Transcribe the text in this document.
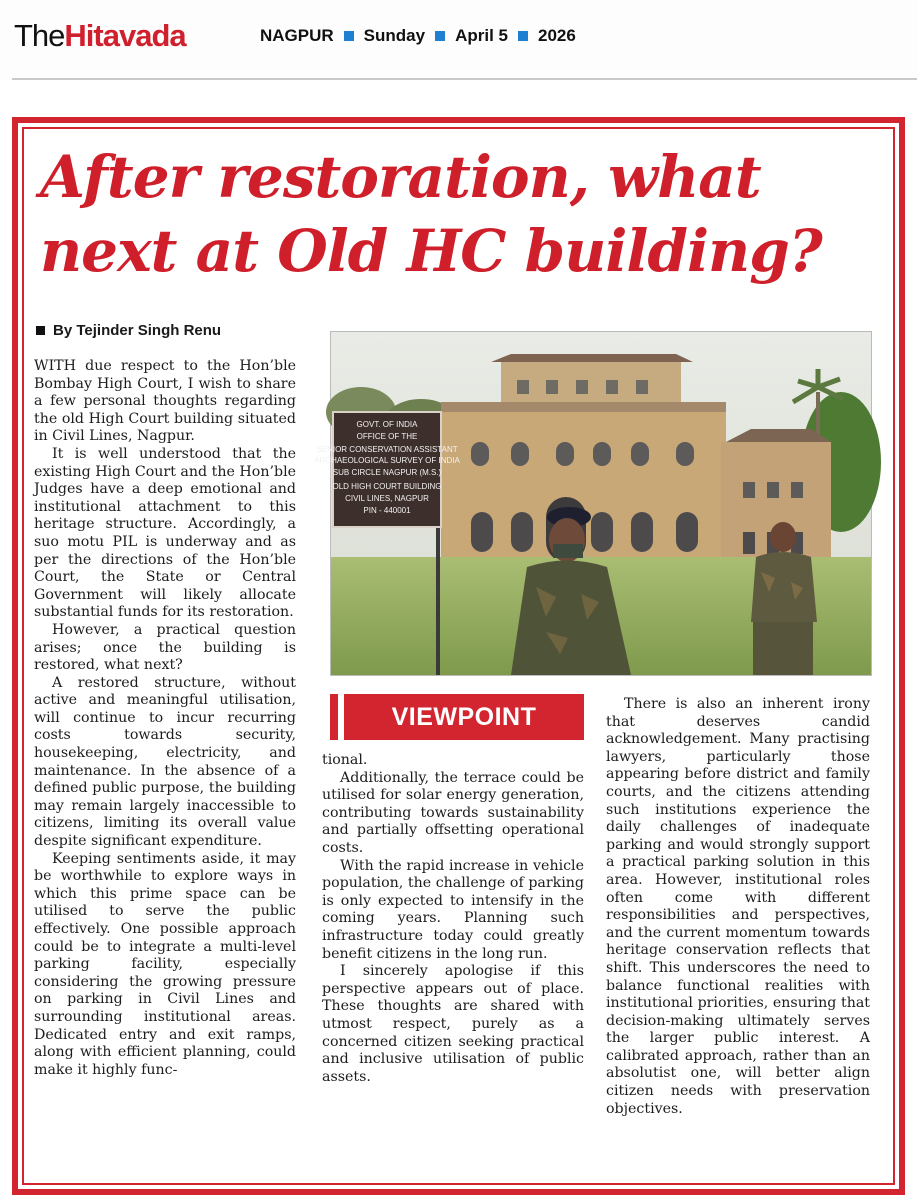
TheHitavada	NAGPUR Sunday April 5 2026
After restoration, what
next at Old HC building?
By Tejinder Singh Renu

WITH due respect to the Hon’ble Bombay High Court, I wish to share a few personal thoughts regarding the old High Court building situated in Civil Lines, Nagpur.

It is well understood that the existing High Court and the Hon’ble Judges have a deep emotional and institutional attachment to this heritage structure. Accordingly, a suo motu PIL is underway and as per the directions of the Hon’ble Court, the State or Central Government will likely allocate substantial funds for its restoration.

However, a practical question arises; once the building is restored, what next?

A restored structure, without active and meaningful utilisation, will continue to incur recurring costs towards security, housekeeping, electricity, and maintenance. In the absence of a defined public purpose, the building may remain largely inaccessible to citizens, limiting its overall value despite significant expenditure.

Keeping sentiments aside, it may be worthwhile to explore ways in which this prime space can be utilised to serve the public effectively. One possible approach could be to integrate a multi-level parking facility, especially considering the growing pressure on parking in Civil Lines and surrounding institutional areas. Dedicated entry and exit ramps, along with efficient planning, could make it highly func-

GOVT. OF INDIA
OFFICE OF THE
SENIOR CONSERVATION ASSISTANT
ARCHAEOLOGICAL SURVEY OF INDIA
SUB CIRCLE NAGPUR (M.S.)
OLD HIGH COURT BUILDING
CIVIL LINES, NAGPUR
PIN - 440001
VIEWPOINT

tional.

Additionally, the terrace could be utilised for solar energy generation, contributing towards sustainability and partially offsetting operational costs.

With the rapid increase in vehicle population, the challenge of parking is only expected to intensify in the coming years. Planning such infrastructure today could greatly benefit citizens in the long run.

I sincerely apologise if this perspective appears out of place. These thoughts are shared with utmost respect, purely as a concerned citizen seeking practical and inclusive utilisation of public assets.

There is also an inherent irony that deserves candid acknowledgement. Many practising lawyers, particularly those appearing before district and family courts, and the citizens attending such institutions experience the daily challenges of inadequate parking and would strongly support a practical parking solution in this area. However, institutional roles often come with different responsibilities and perspectives, and the current momentum towards heritage conservation reflects that shift. This underscores the need to balance functional realities with institutional priorities, ensuring that decision-making ultimately serves the larger public interest. A calibrated approach, rather than an absolutist one, will better align citizen needs with preservation objectives.
